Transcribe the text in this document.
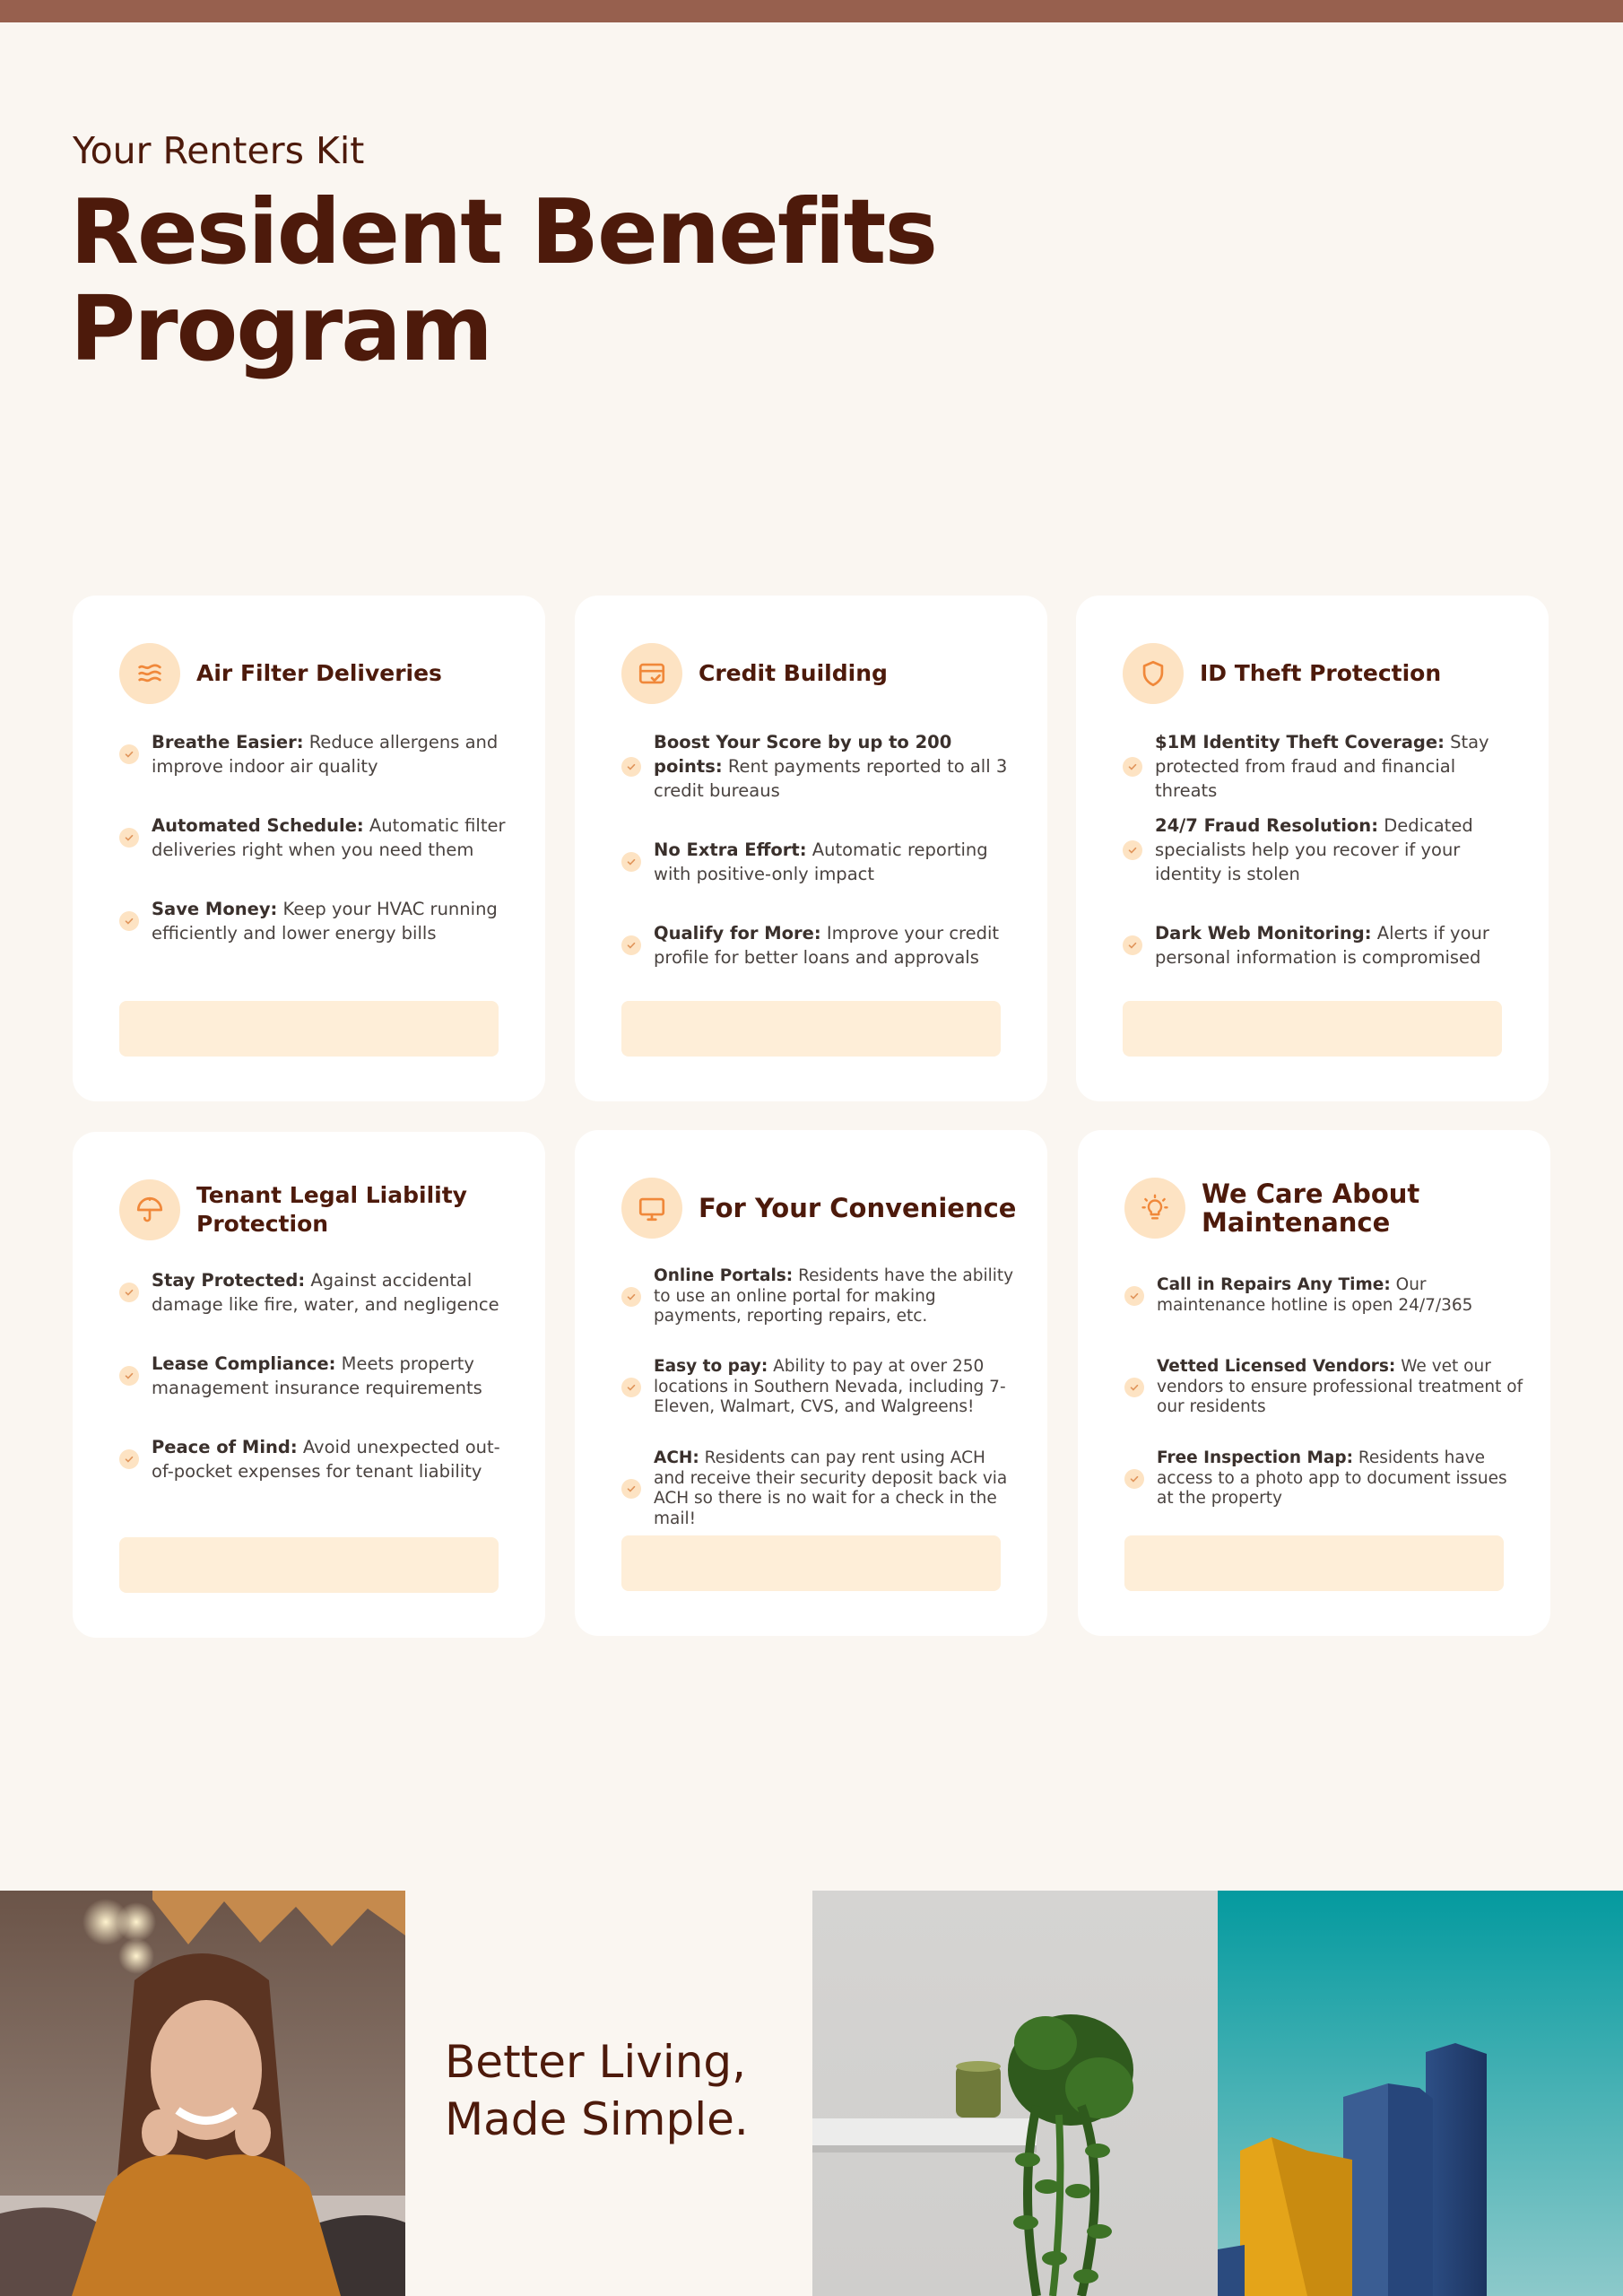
Your Renters Kit
Resident Benefits
Program
Air Filter Deliveries
Breathe Easier: Reduce allergens and improve indoor air quality
Automated Schedule: Automatic filter deliveries right when you need them
Save Money: Keep your HVAC running efficiently and lower energy bills
Credit Building
Boost Your Score by up to 200 points: Rent payments reported to all 3 credit bureaus
No Extra Effort: Automatic reporting with positive-only impact
Qualify for More: Improve your credit profile for better loans and approvals
ID Theft Protection
$1M Identity Theft Coverage: Stay protected from fraud and financial threats
24/7 Fraud Resolution: Dedicated specialists help you recover if your identity is stolen
Dark Web Monitoring: Alerts if your personal information is compromised
Tenant Legal Liability Protection
Stay Protected: Against accidental damage like fire, water, and negligence
Lease Compliance: Meets property management insurance requirements
Peace of Mind: Avoid unexpected out-of-pocket expenses for tenant liability
For Your Convenience
Online Portals: Residents have the ability to use an online portal for making payments, reporting repairs, etc.
Easy to pay: Ability to pay at over 250 locations in Southern Nevada, including 7-Eleven, Walmart, CVS, and Walgreens!
ACH: Residents can pay rent using ACH and receive their security deposit back via ACH so there is no wait for a check in the mail!
We Care About Maintenance
Call in Repairs Any Time: Our maintenance hotline is open 24/7/365
Vetted Licensed Vendors: We vet our vendors to ensure professional treatment of our residents
Free Inspection Map: Residents have access to a photo app to document issues at the property
Better Living,
Made Simple.
